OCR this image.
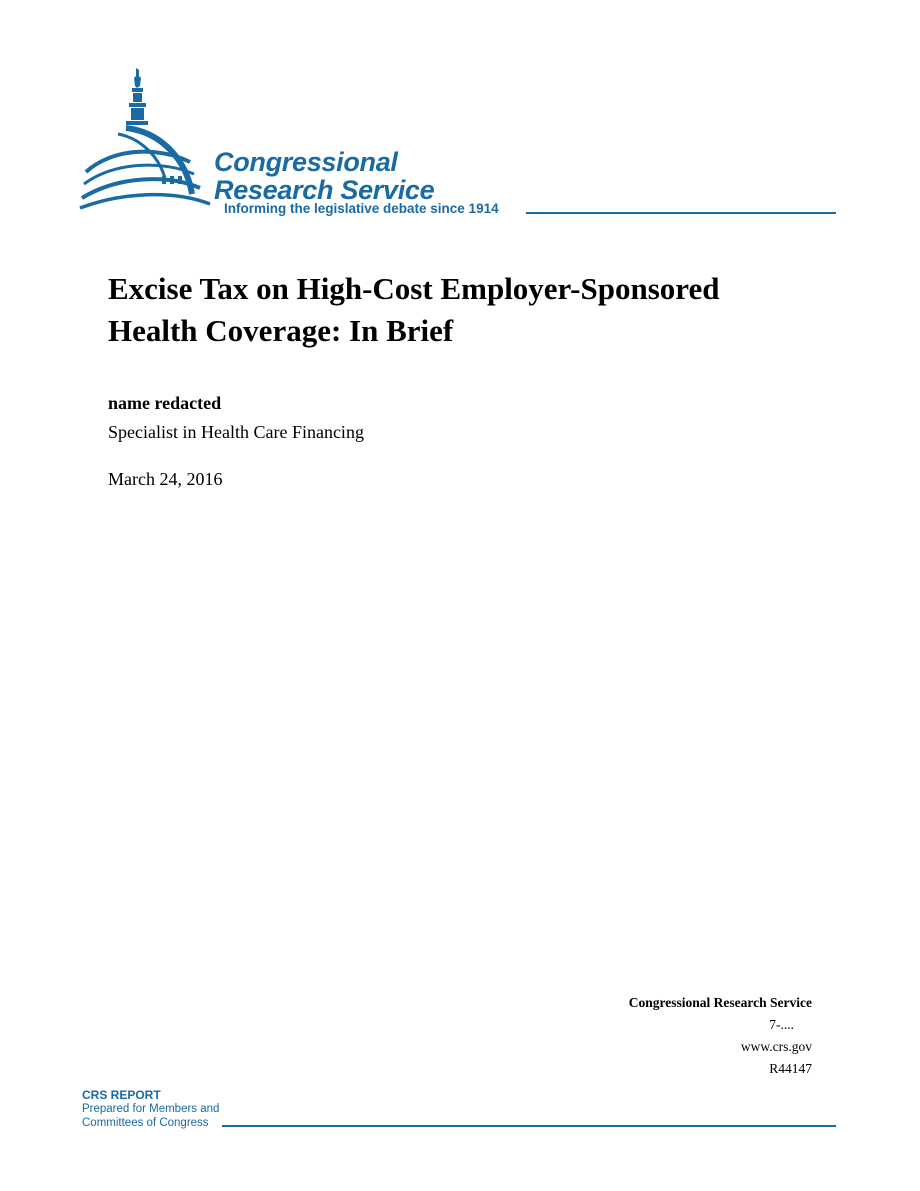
Congressional
Research Service
Informing the legislative debate since 1914
Excise Tax on High-Cost Employer-Sponsored
Health Coverage: In Brief
name redacted
Specialist in Health Care Financing
March 24, 2016
Congressional Research Service
7-....
www.crs.gov
R44147
CRS REPORT
Prepared for Members and
Committees of Congress
